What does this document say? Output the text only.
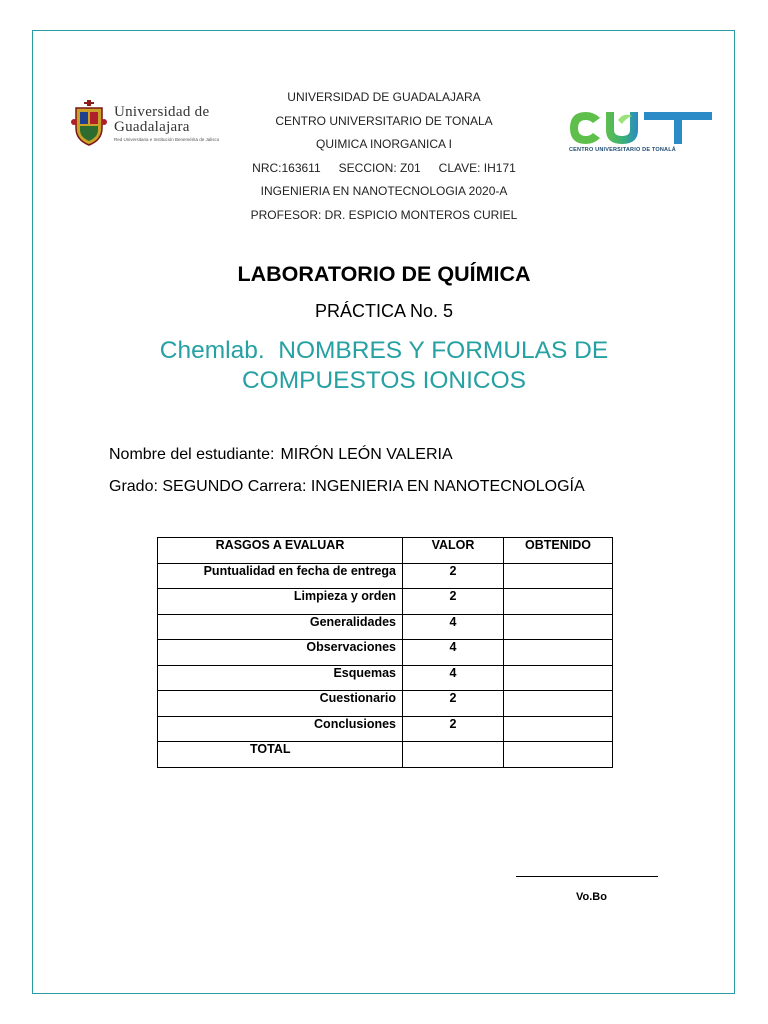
Universidad de
Guadalajara
Red Universitaria e Institución Benemérita de Jalisco
CENTRO UNIVERSITARIO DE TONALÁ
UNIVERSIDAD DE GUADALAJARA
CENTRO UNIVERSITARIO DE TONALA
QUIMICA INORGANICA I
NRC:163611 SECCION: Z01 CLAVE: IH171
INGENIERIA EN NANOTECNOLOGIA 2020-A
PROFESOR: DR. ESPICIO MONTEROS CURIEL
LABORATORIO DE QUÍMICA
PRÁCTICA No. 5
Chemlab.  NOMBRES Y FORMULAS DE
COMPUESTOS IONICOS
Nombre del estudiante: MIRÓN LEÓN VALERIA
Grado: SEGUNDO Carrera: INGENIERIA EN NANOTECNOLOGÍA
RASGOS A EVALUAR	VALOR	OBTENIDO
Puntualidad en fecha de entrega	2	
Limpieza y orden	2	
Generalidades	4	
Observaciones	4	
Esquemas	4	
Cuestionario	2	
Conclusiones	2	
TOTAL		
Vo.Bo
